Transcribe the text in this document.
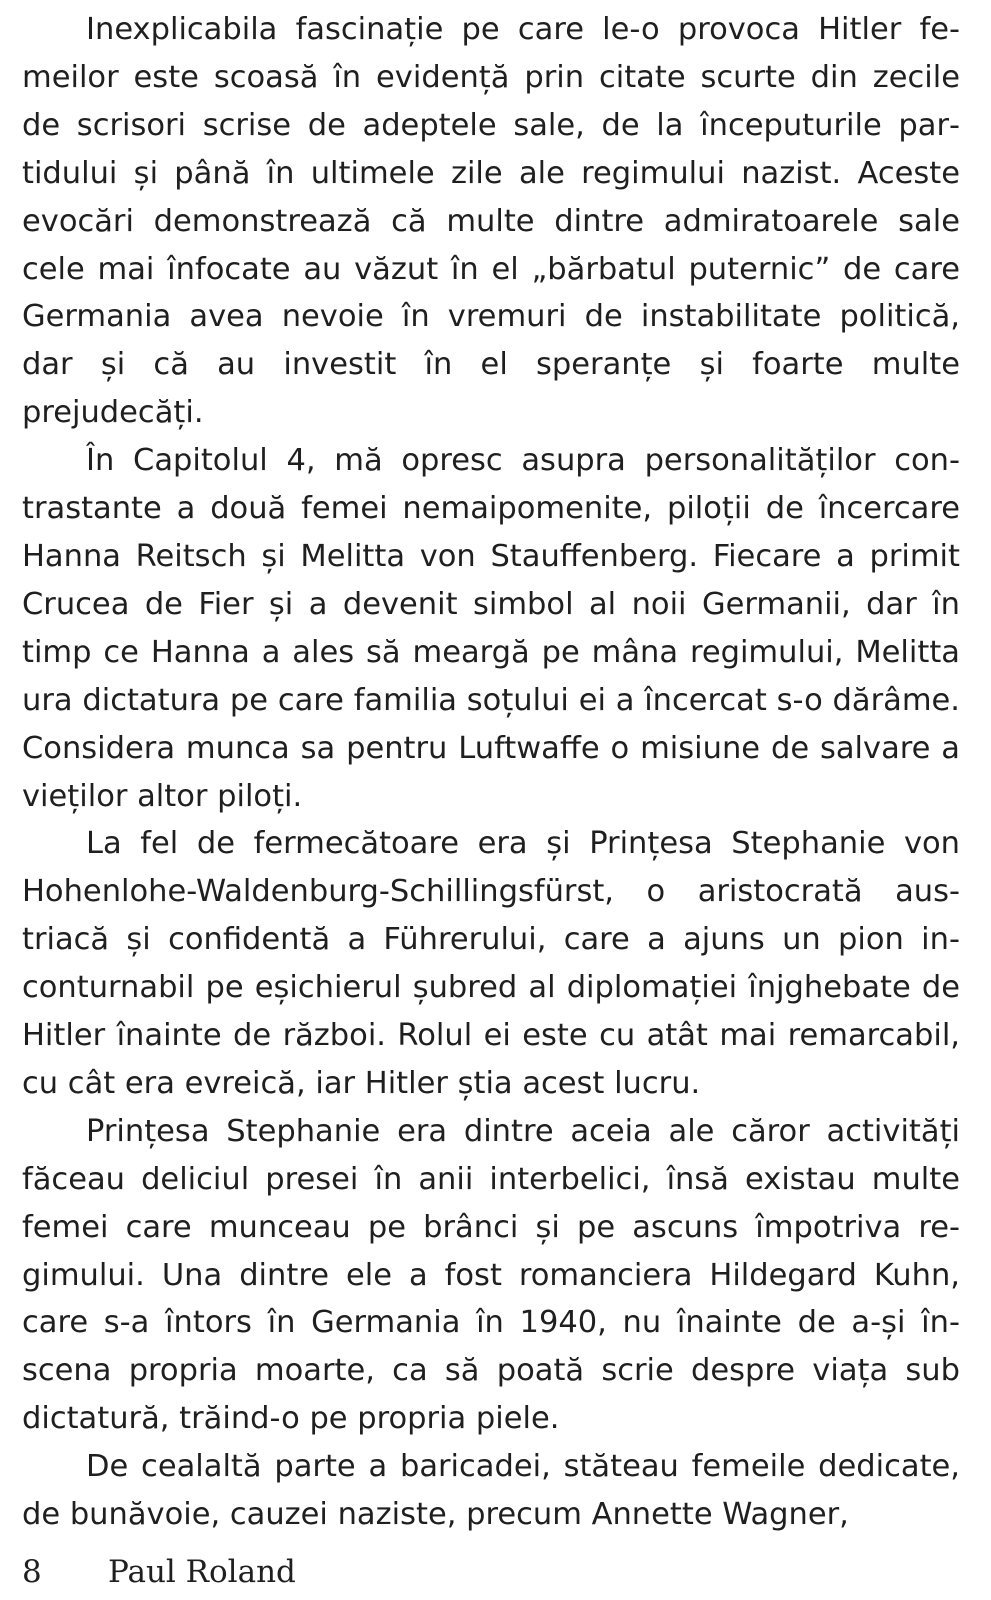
Inexplicabila fascinație pe care le-o provoca Hitler femeilor este scoasă în evidență prin citate scurte din zecile de scrisori scrise de adeptele sale, de la începuturile partidului și până în ultimele zile ale regimului nazist. Aceste evocări demonstrează că multe dintre admiratoarele sale cele mai înfocate au văzut în el „bărbatul puternic” de care Germania avea nevoie în vremuri de instabilitate politică, dar și că au investit în el speranțe și foarte multe prejudecăți.

În Capitolul 4, mă opresc asupra personalităților contrastante a două femei nemaipomenite, piloții de încercare Hanna Reitsch și Melitta von Stauffenberg. Fiecare a primit Crucea de Fier și a devenit simbol al noii Germanii, dar în timp ce Hanna a ales să meargă pe mâna regimului, Melitta ura dictatura pe care familia soțului ei a încercat s-o dărâme. Considera munca sa pentru Luftwaffe o misiune de salvare a vieților altor piloți.

La fel de fermecătoare era și Prințesa Stephanie von Hohenlohe-Waldenburg-Schillingsfürst, o aristocrată austriacă și confidentă a Führerului, care a ajuns un pion inconturnabil pe eșichierul șubred al diplomației înjghebate de Hitler înainte de război. Rolul ei este cu atât mai remarcabil, cu cât era evreică, iar Hitler știa acest lucru.

Prințesa Stephanie era dintre aceia ale căror activități făceau deliciul presei în anii interbelici, însă existau multe femei care munceau pe brânci și pe ascuns împotriva regimului. Una dintre ele a fost romanciera Hildegard Kuhn, care s-a întors în Germania în 1940, nu înainte de a-și înscena propria moarte, ca să poată scrie despre viața sub dictatură, trăind-o pe propria piele.

De cealaltă parte a baricadei, stăteau femeile dedicate, de bunăvoie, cauzei naziste, precum Annette Wagner,

8 Paul Roland
